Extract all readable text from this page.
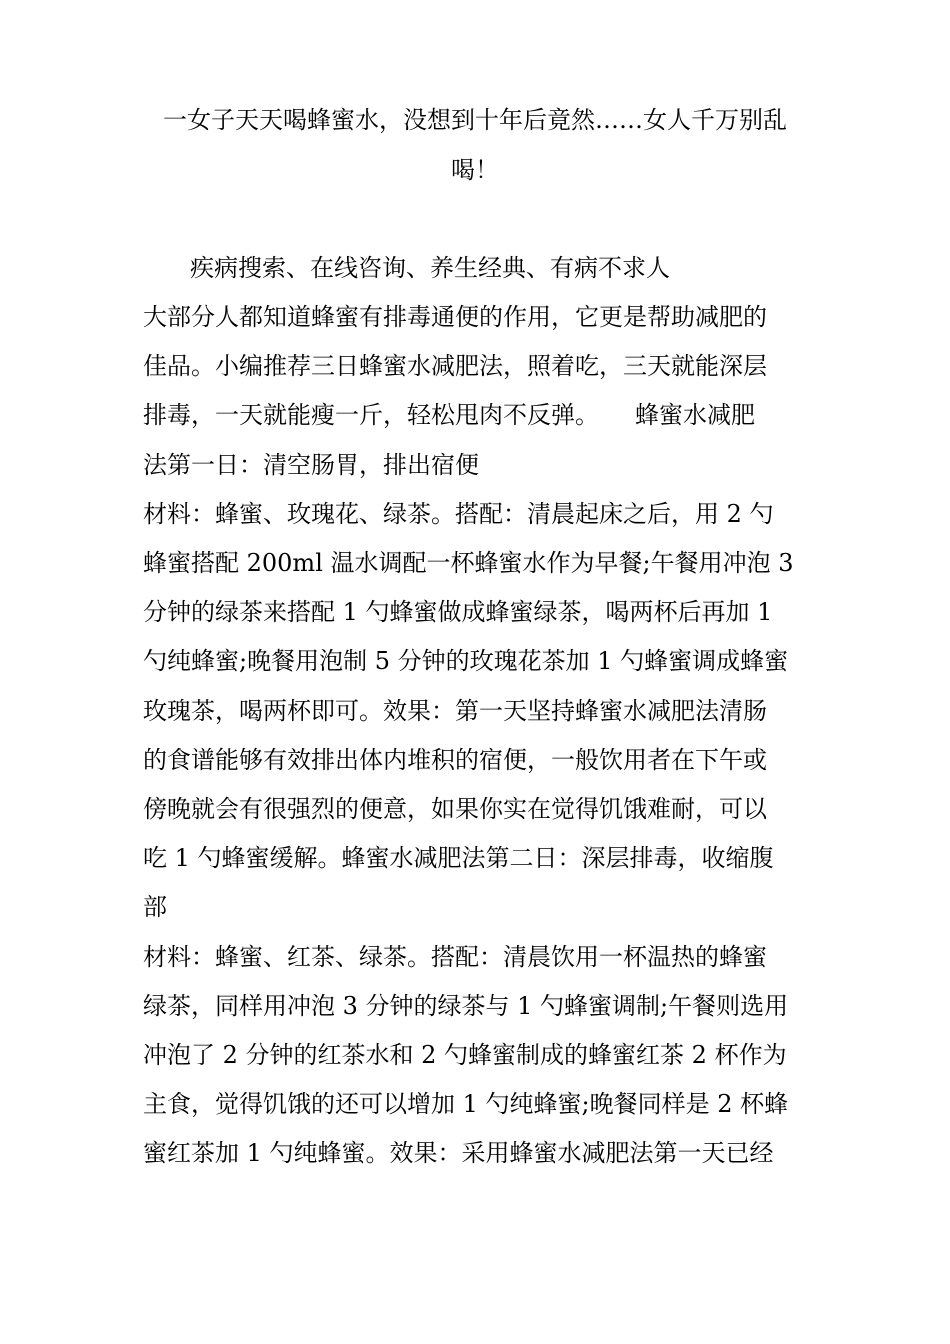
一女子天天喝蜂蜜水，没想到十年后竟然……女人千万别乱
喝！
疾病搜索、在线咨询、养生经典、有病不求人
大部分人都知道蜂蜜有排毒通便的作用，它更是帮助减肥的
佳品。小编推荐三日蜂蜜水减肥法，照着吃，三天就能深层
排毒，一天就能瘦一斤，轻松甩肉不反弹。　　蜂蜜水减肥
法第一日：清空肠胃，排出宿便
材料：蜂蜜、玫瑰花、绿茶。搭配：清晨起床之后，用 2 勺
蜂蜜搭配 200ml 温水调配一杯蜂蜜水作为早餐;午餐用冲泡 3
分钟的绿茶来搭配 1 勺蜂蜜做成蜂蜜绿茶，喝两杯后再加 1
勺纯蜂蜜;晚餐用泡制 5 分钟的玫瑰花茶加 1 勺蜂蜜调成蜂蜜
玫瑰茶，喝两杯即可。效果：第一天坚持蜂蜜水减肥法清肠
的食谱能够有效排出体内堆积的宿便，一般饮用者在下午或
傍晚就会有很强烈的便意，如果你实在觉得饥饿难耐，可以
吃 1 勺蜂蜜缓解。蜂蜜水减肥法第二日：深层排毒，收缩腹
部
材料：蜂蜜、红茶、绿茶。搭配：清晨饮用一杯温热的蜂蜜
绿茶，同样用冲泡 3 分钟的绿茶与 1 勺蜂蜜调制;午餐则选用
冲泡了 2 分钟的红茶水和 2 勺蜂蜜制成的蜂蜜红茶 2 杯作为
主食，觉得饥饿的还可以增加 1 勺纯蜂蜜;晚餐同样是 2 杯蜂
蜜红茶加 1 勺纯蜂蜜。效果：采用蜂蜜水减肥法第一天已经
